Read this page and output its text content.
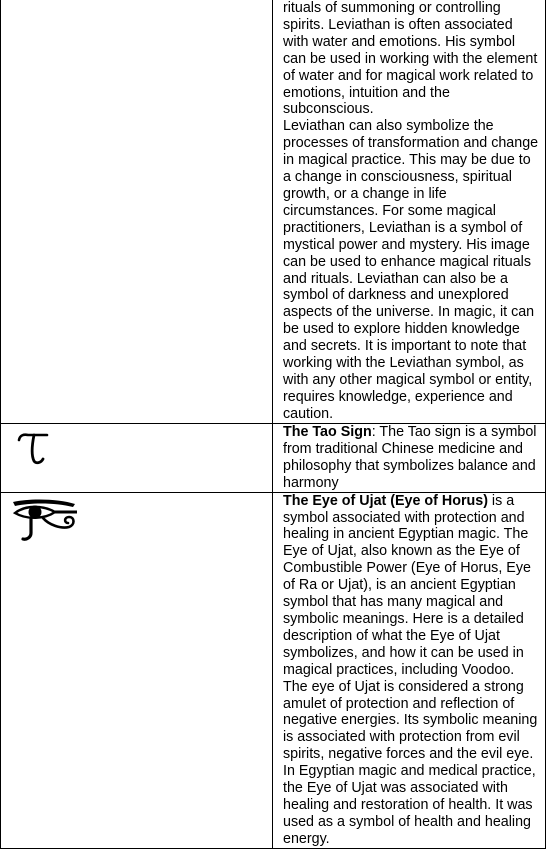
	rituals of summoning or controlling spirits. Leviathan is often associated with water and emotions. His symbol can be used in working with the element of water and for magical work related to emotions, intuition and the subconscious.
Leviathan can also symbolize the processes of transformation and change in magical practice. This may be due to a change in consciousness, spiritual growth, or a change in life circumstances. For some magical practitioners, Leviathan is a symbol of mystical power and mystery. His image can be used to enhance magical rituals and rituals. Leviathan can also be a symbol of darkness and unexplored aspects of the universe. In magic, it can be used to explore hidden knowledge and secrets. It is important to note that working with the Leviathan symbol, as with any other magical symbol or entity, requires knowledge, experience and caution.

	The Tao Sign: The Tao sign is a symbol from traditional Chinese medicine and philosophy that symbolizes balance and harmony

	The Eye of Ujat (Eye of Horus) is a symbol associated with protection and healing in ancient Egyptian magic. The Eye of Ujat, also known as the Eye of Combustible Power (Eye of Horus, Eye of Ra or Ujat), is an ancient Egyptian symbol that has many magical and symbolic meanings. Here is a detailed description of what the Eye of Ujat symbolizes, and how it can be used in magical practices, including Voodoo. The eye of Ujat is considered a strong amulet of protection and reflection of negative energies. Its symbolic meaning is associated with protection from evil spirits, negative forces and the evil eye. In Egyptian magic and medical practice, the Eye of Ujat was associated with healing and restoration of health. It was used as a symbol of health and healing energy.
